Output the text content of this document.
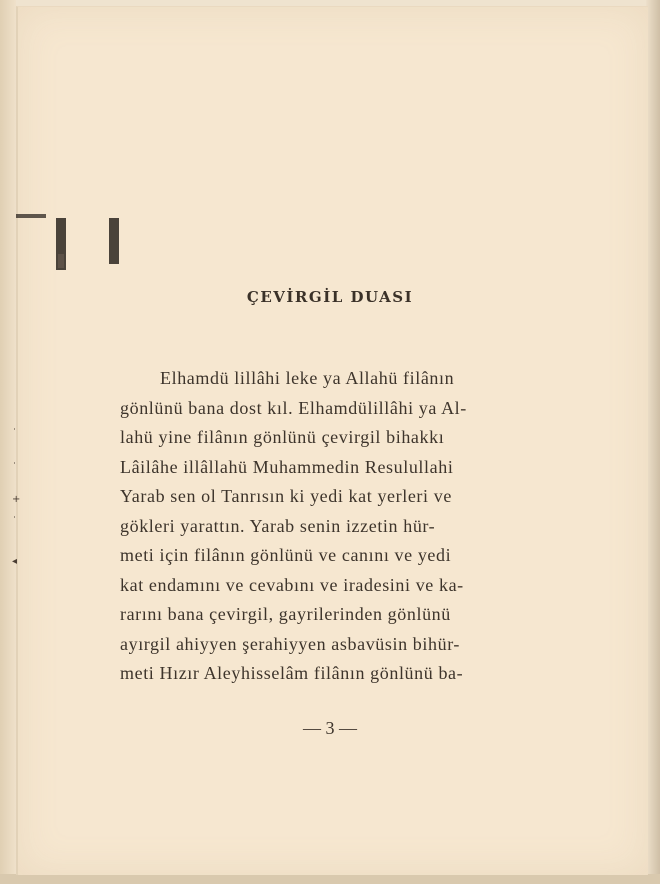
˙
˙
+
˙
◂
ÇEVİRGİL DUASI
Elhamdü lillâhi leke ya Allahü filânın
gönlünü bana dost kıl. Elhamdülillâhi ya Al-
lahü yine filânın gönlünü çevirgil bihakkı
Lâilâhe illâllahü Muhammedin Resulullahi
Yarab sen ol Tanrısın ki yedi kat yerleri ve
gökleri yarattın. Yarab senin izzetin hür-
meti için filânın gönlünü ve canını ve yedi
kat endamını ve cevabını ve iradesini ve ka-
rarını bana çevirgil, gayrilerinden gönlünü
ayırgil ahiyyen şerahiyyen asbavüsin bihür-
meti Hızır Aleyhisselâm filânın gönlünü ba-
— 3 —
